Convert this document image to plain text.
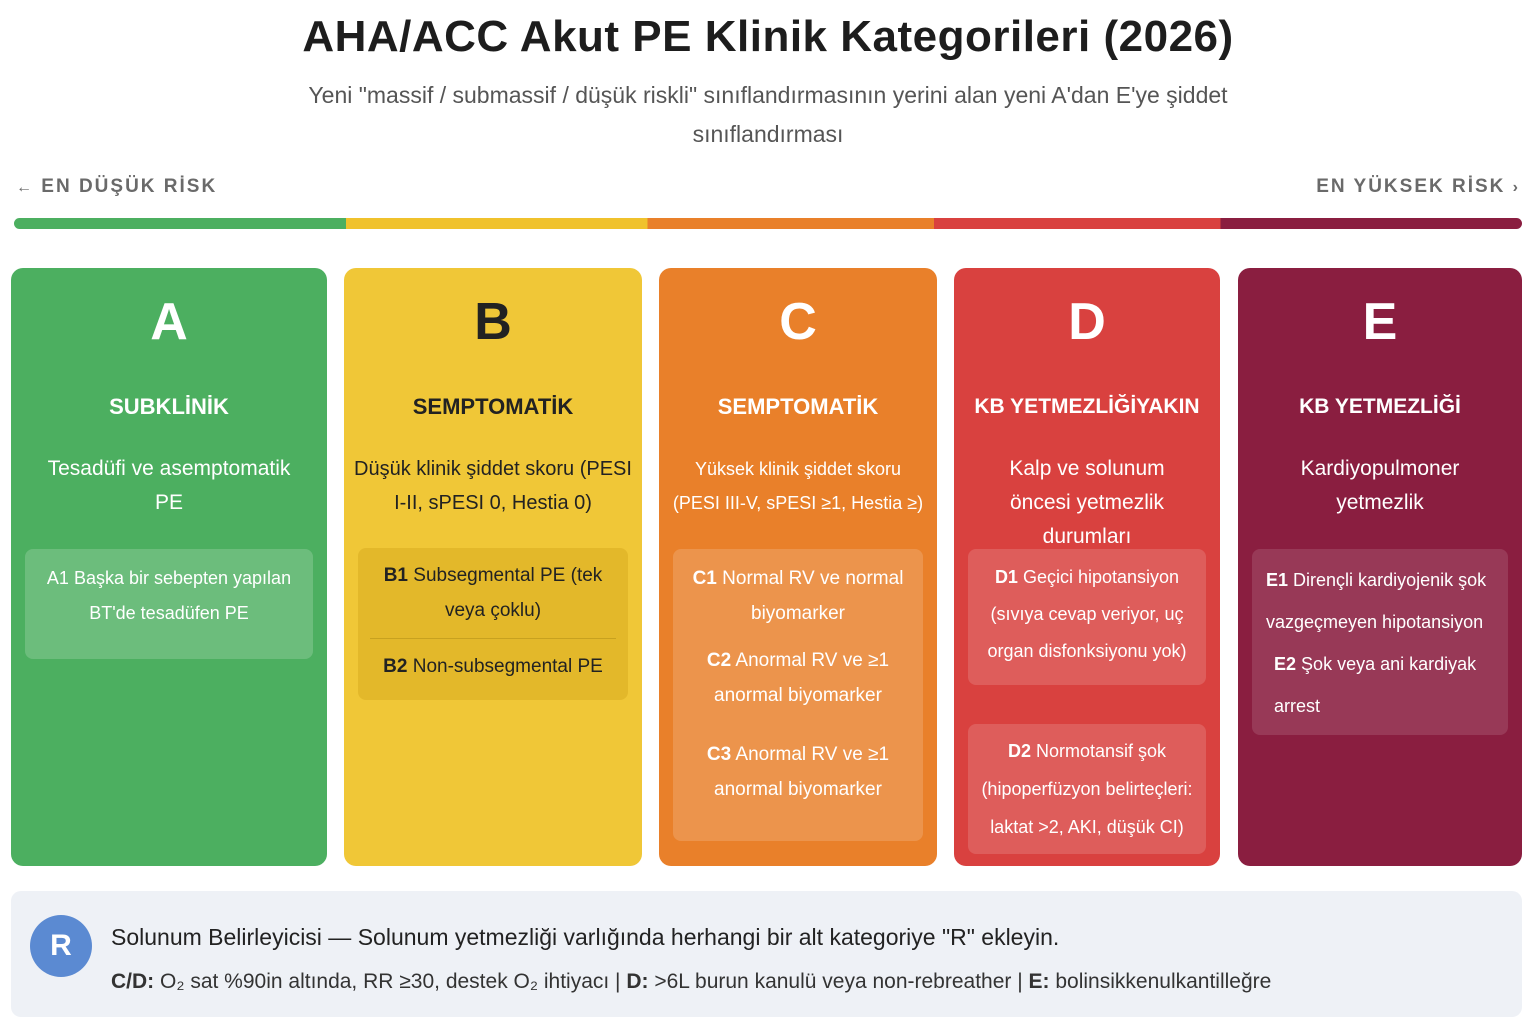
AHA/ACC Akut PE Klinik Kategorileri (2026)
Yeni "massif / submassif / düşük riskli" sınıflandırmasının yerini alan yeni A'dan E'ye şiddet sınıflandırması
← EN DÜŞÜK RİSK	EN YÜKSEK RİSK ›
A
SUBKLİNİK
Tesadüfi ve asemptomatik PE
A1 Başka bir sebepten yapılan BT'de tesadüfen PE
B
SEMPTOMATİK
Düşük klinik şiddet skoru (PESI I-II, sPESI 0, Hestia 0)
B1 Subsegmental PE (tek veya çoklu)
B2 Non-subsegmental PE
C
SEMPTOMATİK
Yüksek klinik şiddet skoru (PESI III-V, sPESI ≥1, Hestia ≥)
C1 Normal RV ve normal biyomarker
C2 Anormal RV ve ≥1 anormal biyomarker
C3 Anormal RV ve ≥1 anormal biyomarker
D
KB YETMEZLİĞİYAKIN
Kalp ve solunum öncesi yetmezlik durumları
D1 Geçici hipotansiyon (sıvıya cevap veriyor, uç organ disfonksiyonu yok)
D2 Normotansif şok (hipoperfüzyon belirteçleri: laktat >2, AKI, düşük CI)
E
KB YETMEZLİĞİ
Kardiyopulmoner yetmezlik
E1 Dirençli kardiyojenik şok vazgeçmeyen hipotansiyon
E2 Şok veya ani kardiyak arrest
R	Solunum Belirleyicisi — Solunum yetmezliği varlığında herhangi bir alt kategoriye "R" ekleyin.
C/D: O₂ sat %90in altında, RR ≥30, destek O₂ ihtiyacı | D: >6L burun kanulü veya non-rebreather | E: bolinsikkenulkantilleğre
